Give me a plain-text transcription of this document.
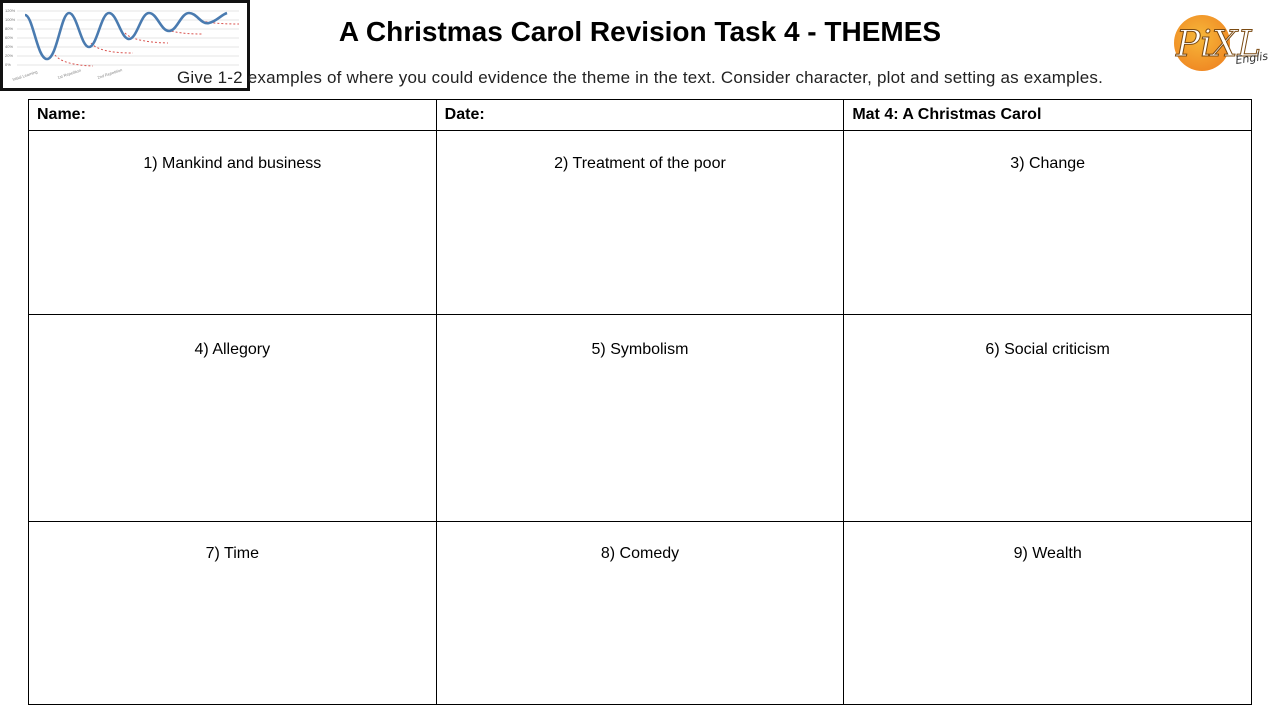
120%
100%
80%
60%
40%
20%
0%
Initial Learning	1st Repetition	2nd Repetition
A Christmas Carol Revision Task 4 - THEMES	PiXL
English
Give 1-2 examples of where you could evidence the theme in the text. Consider character, plot and setting as examples.
Name:	Date:	Mat 4: A Christmas Carol

1) Mankind and business	2) Treatment of the poor	3) Change

4) Allegory	5) Symbolism	6) Social criticism

7) Time	8) Comedy	9) Wealth
